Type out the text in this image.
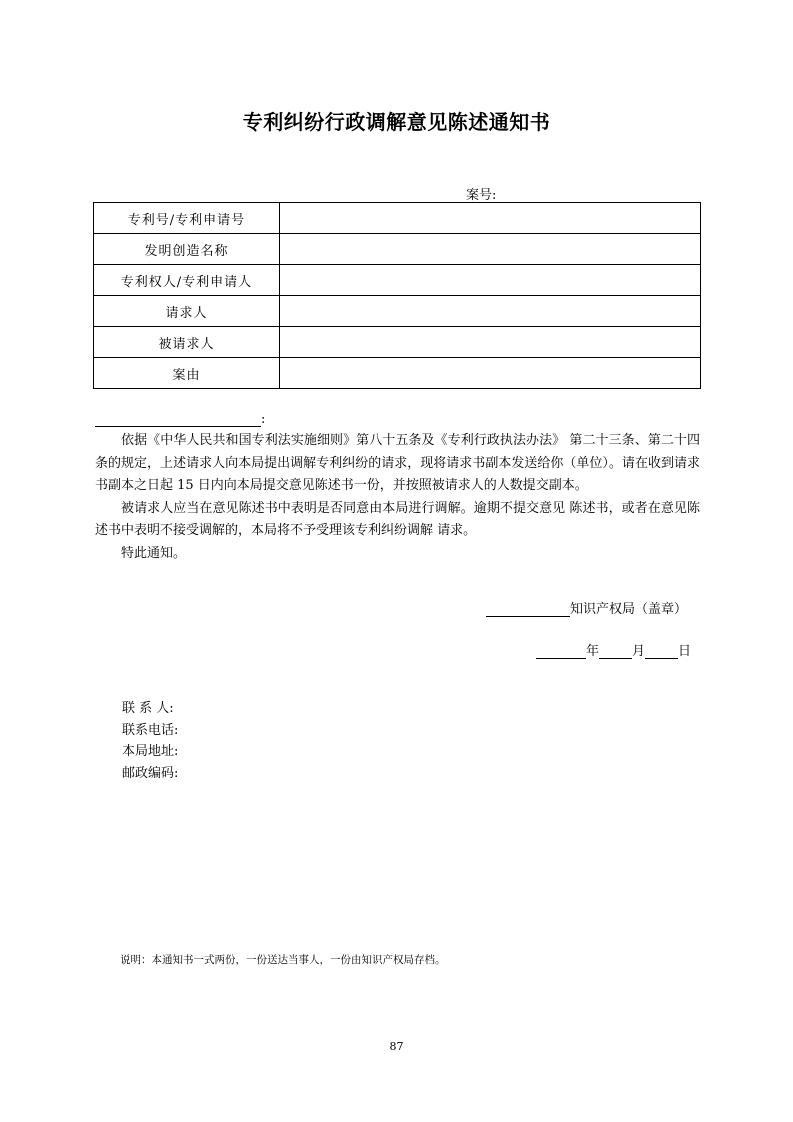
专利纠纷行政调解意见陈述通知书
案号:
专利号/专利申请号	
发明创造名称	
专利权人/专利申请人	
请求人	
被请求人	
案由	
:

依据《中华人民共和国专利法实施细则》第八十五条及《专利行政执法办法》 第二十三条、第二十四条的规定，上述请求人向本局提出调解专利纠纷的请求，现将请求书副本发送给你（单位）。请在收到请求书副本之日起 15 日内向本局提交意见陈述书一份，并按照被请求人的人数提交副本。

被请求人应当在意见陈述书中表明是否同意由本局进行调解。逾期不提交意见 陈述书，或者在意见陈述书中表明不接受调解的，本局将不予受理该专利纠纷调解 请求。

特此通知。

知识产权局（盖章）
年	月	日
联 系 人:
联系电话:
本局地址:
邮政编码:
说明：本通知书一式两份，一份送达当事人，一份由知识产权局存档。
87
